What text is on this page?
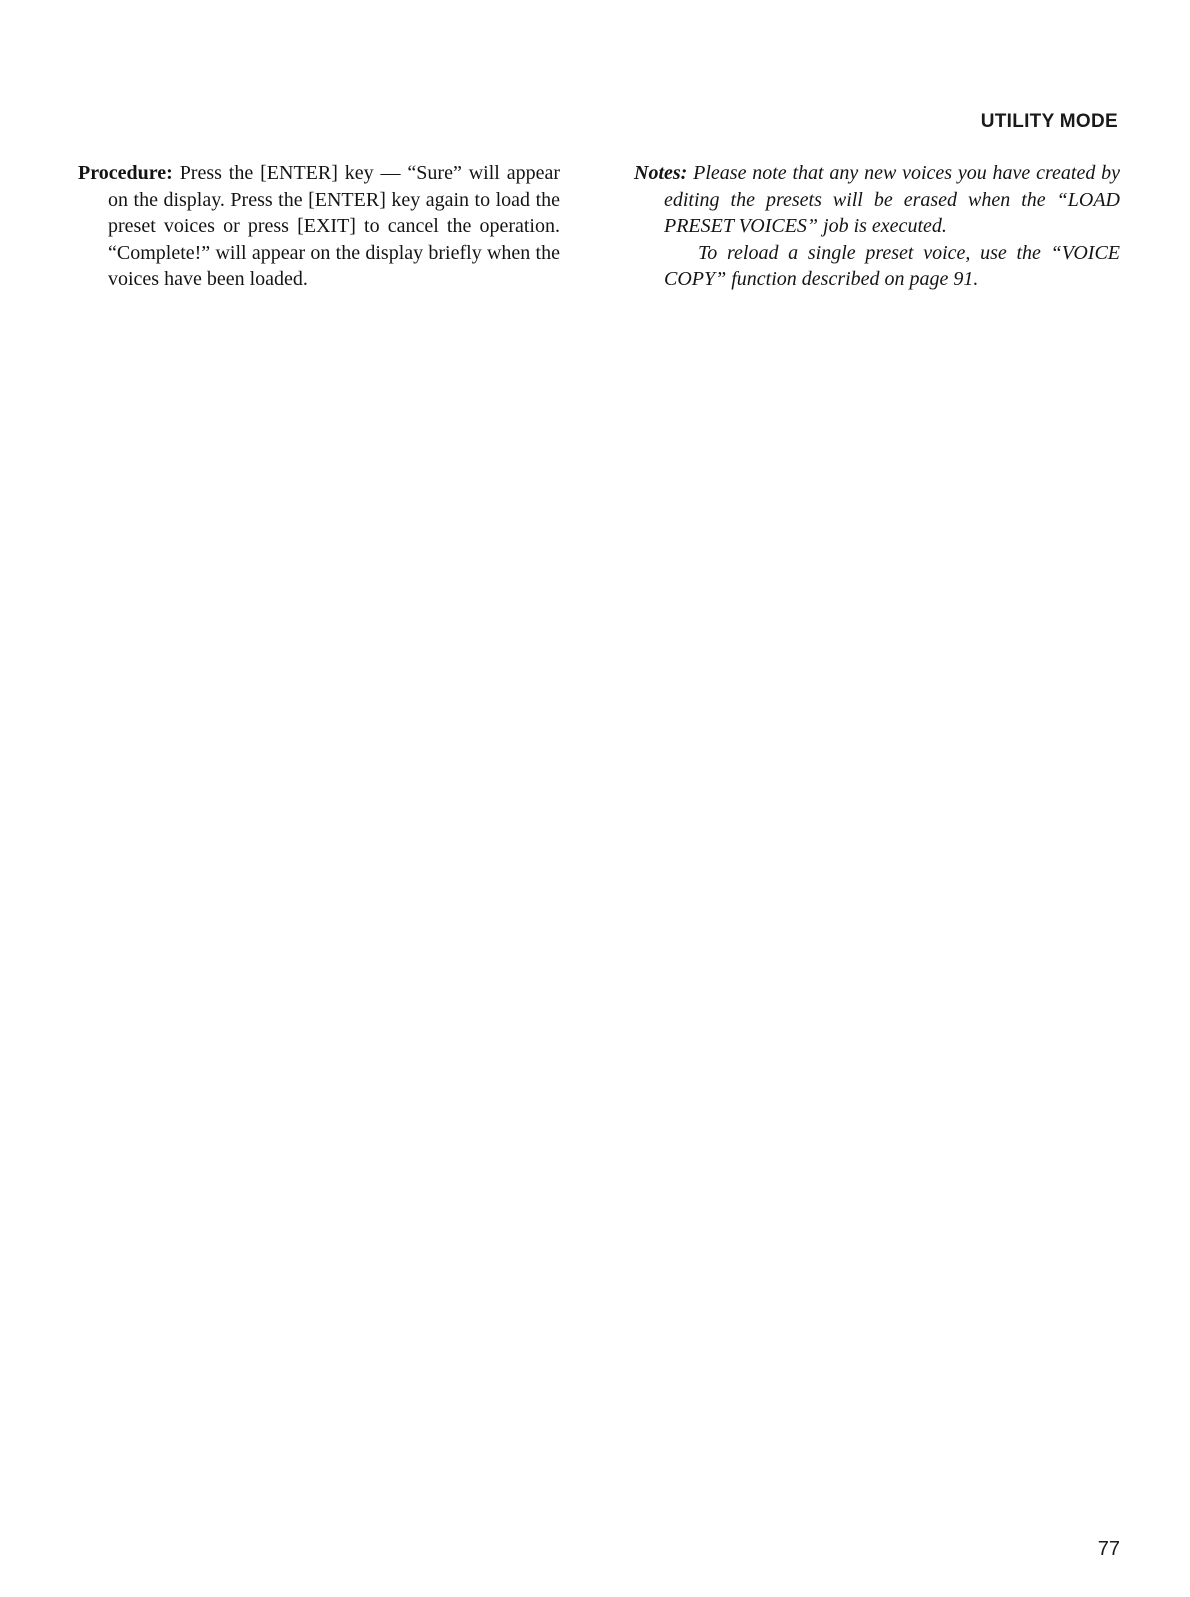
UTILITY MODE

Procedure: Press the [ENTER] key — “Sure” will appear on the display. Press the [ENTER] key again to load the preset voices or press [EXIT] to cancel the operation. “Complete!” will appear on the display briefly when the voices have been loaded.

Notes: Please note that any new voices you have created by editing the presets will be erased when the “LOAD PRESET VOICES” job is executed.

To reload a single preset voice, use the “VOICE COPY” function described on page 91.

77
